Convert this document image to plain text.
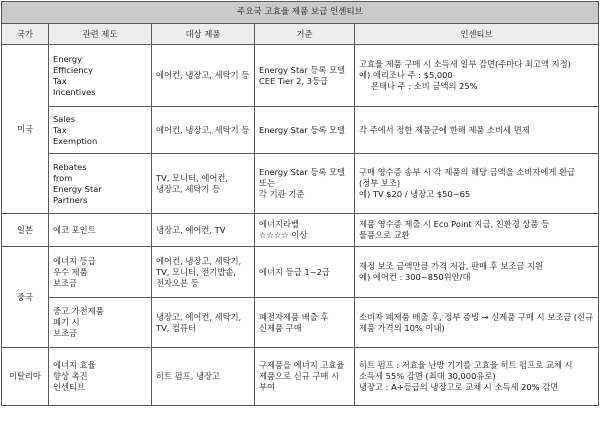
주요국 고효율 제품 보급 인센티브				
국가	관련 제도	대상 제품	기준	인센티브
미국	Energy
Efficiency
Tax
Incentives	에어컨, 냉장고, 세탁기 등	Energy Star 등록 모델
CEE Tier 2, 3등급	고효율 제품 구매 시 소득세 일부 감면(주마다 최고액 지정)
예) 애리조나 주 : $5,000
몬태나 주 : 소비 금액의 25%

	Sales
Tax
Exemption	에어컨, 냉장고, 세탁기 등	Energy Star 등록 모델	각 주에서 정한 제품군에 한해 제품 소비세 면제

	Rebates
from
Energy Star
Partners	TV, 모니터, 에어컨, 냉장고, 세탁기 등	Energy Star 등록 모델
또는
각 기관 기준	구매 영수증 송부 시 각 제품의 해당 금액을 소비자에게 환급 (정부 보조)
예) TV $20 / 냉장고 $50~65

일본	에코 포인트	냉장고, 에어컨, TV	에너지라벨
☆☆☆☆ 이상	제품 영수증 제출 시 Eco Point 지급, 친환경 상품 등
물품으로 교환

중국	에너지 등급
우수 제품
보조금	에어컨, 냉장고, 세탁기, TV, 모니터, 전기밥솥, 전자오븐 등	에너지 등급 1~2급	재정 보조 금액만큼 가격 저감, 판매 후 보조금 지원
예) 에어컨 : 300~850위안/대

	중고 가전제품
폐기 시
보조금	냉장고, 에어컨, 세탁기, TV, 컴퓨터	폐전자제품 배출 후 신제품 구매	소비자 폐제품 배출 후, 정부 증빙 → 신제품 구매 시 보조금 (신규 제품 가격의 10% 이내)
이탈리아	에너지 효율
향상 촉진
인센티브	히트 펌프, 냉장고	구제품을 에너지 고효율 제품으로 신규 구매 시 부여	히트 펌프 : 저효율 난방 기기를 고효율 히트 펌프로 교체 시 소득세 55% 감면 (최대 30,000유로)
냉장고 : A+등급의 냉장고로 교체 시 소득세 20% 감면
